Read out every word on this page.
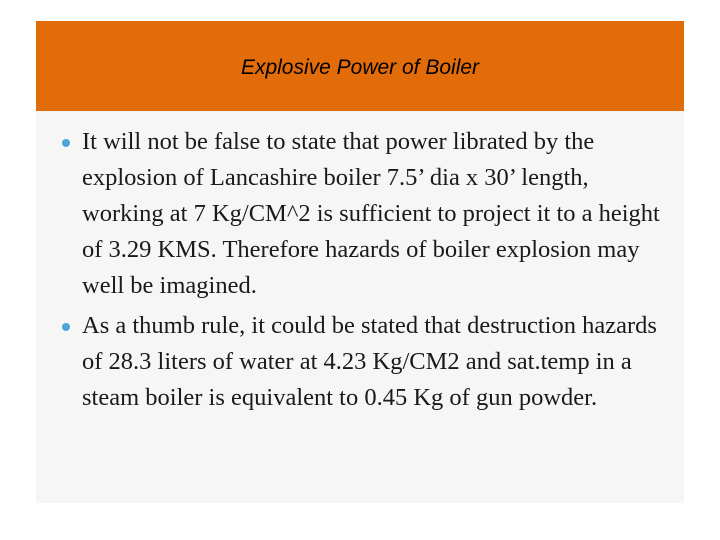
Explosive Power of Boiler
It will not be false to state that power librated by the explosion of Lancashire boiler 7.5’ dia x 30’ length, working at 7 Kg/CM^2 is sufficient to project it to a height of 3.29 KMS. Therefore hazards of boiler explosion may well be imagined.
As a thumb rule, it could be stated that destruction hazards of 28.3 liters of water at 4.23 Kg/CM2 and sat.temp in a steam boiler is equivalent to 0.45 Kg of gun powder.
